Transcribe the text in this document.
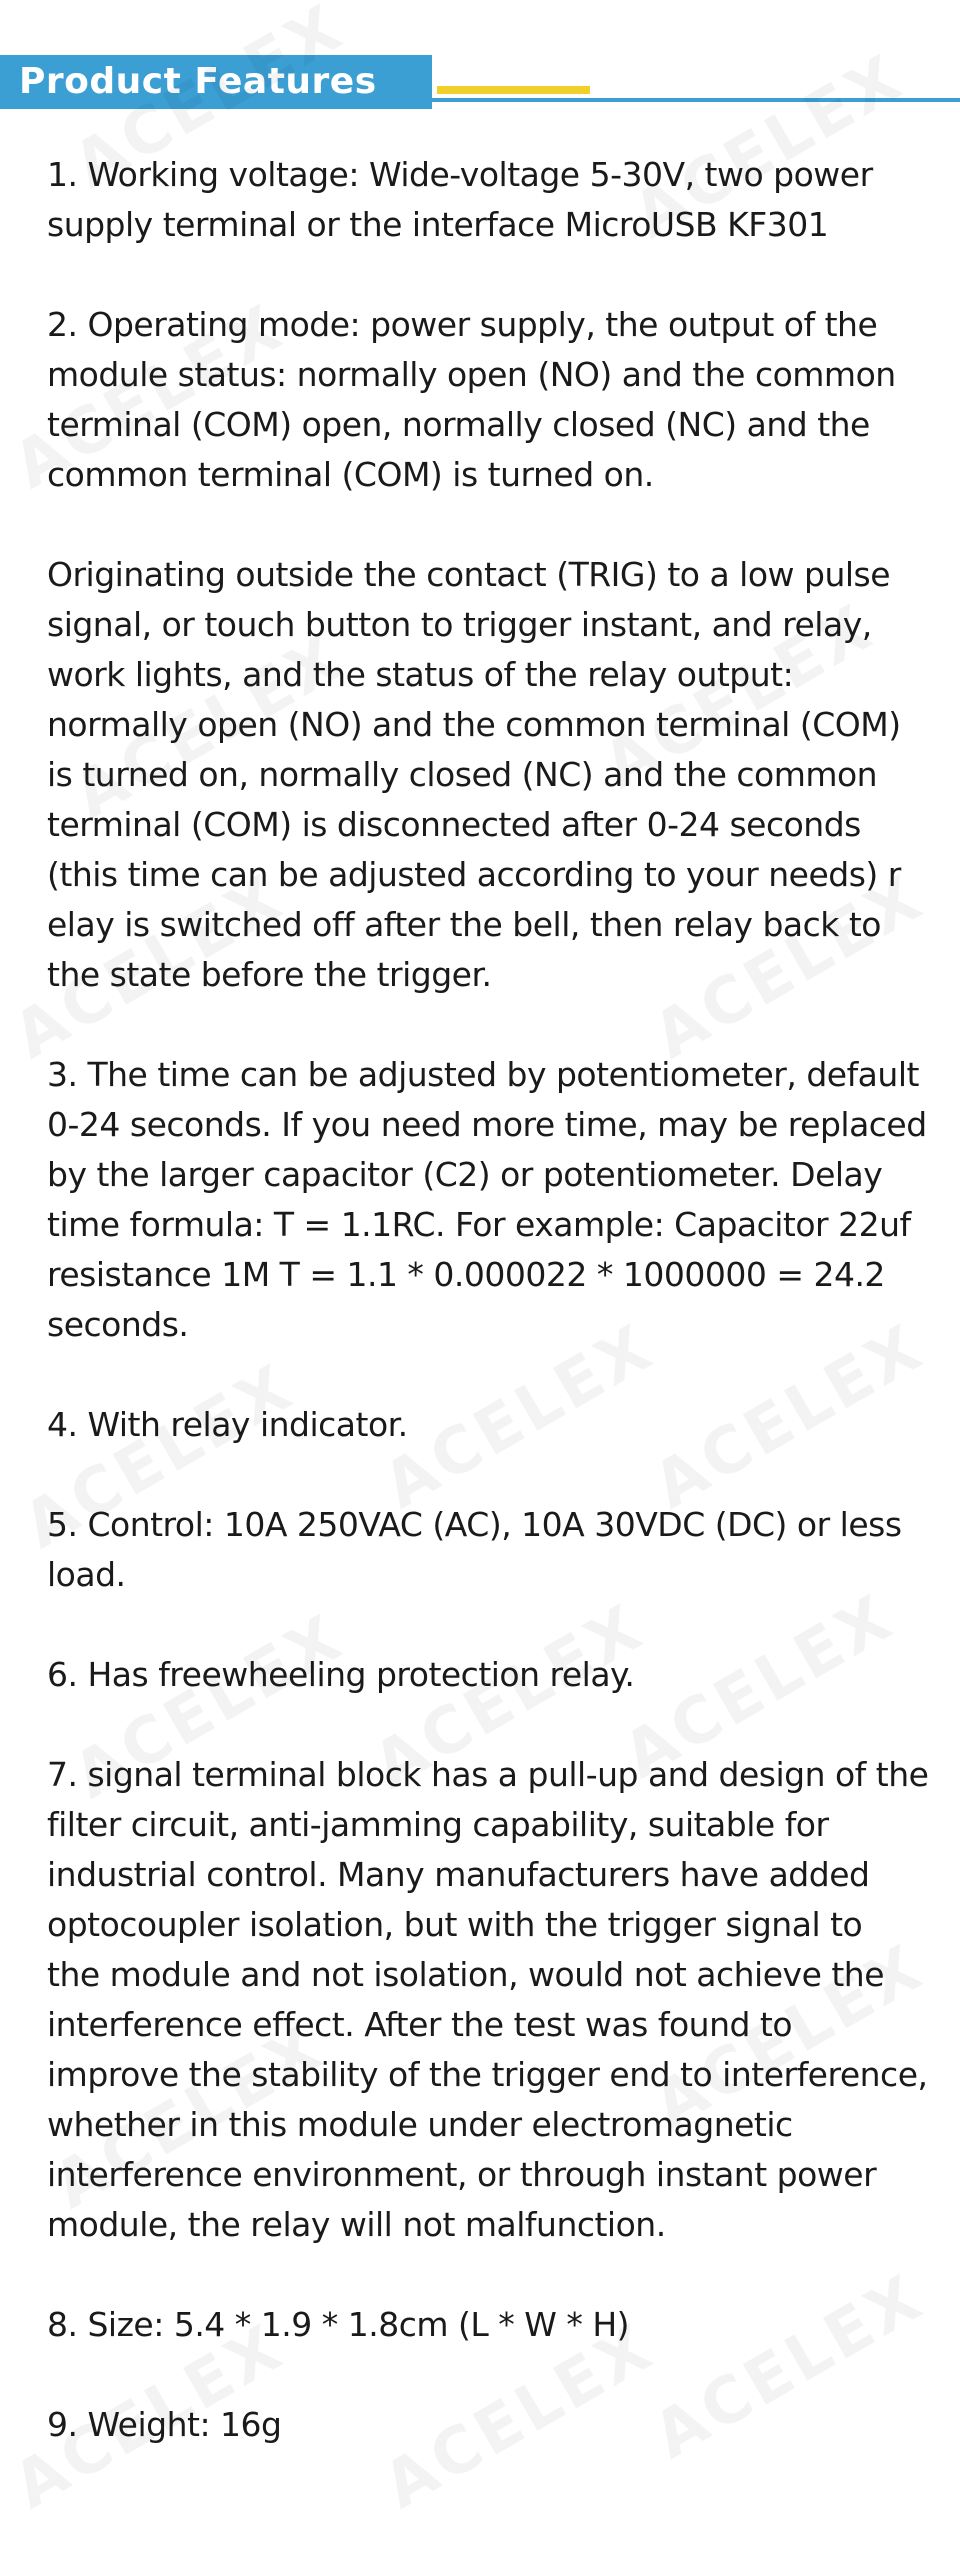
Product Features

1. Working voltage: Wide-voltage 5-30V, two power
supply terminal or the interface MicroUSB KF301

2. Operating mode: power supply, the output of the
module status: normally open (NO) and the common
terminal (COM) open, normally closed (NC) and the
common terminal (COM) is turned on.

Originating outside the contact (TRIG) to a low pulse
signal, or touch button to trigger instant, and relay,
work lights, and the status of the relay output:
normally open (NO) and the common terminal (COM)
is turned on, normally closed (NC) and the common
terminal (COM) is disconnected after 0-24 seconds
(this time can be adjusted according to your needs) r
elay is switched off after the bell, then relay back to
the state before the trigger.

3. The time can be adjusted by potentiometer, default
0-24 seconds. If you need more time, may be replaced
by the larger capacitor (C2) or potentiometer. Delay
time formula: T = 1.1RC. For example: Capacitor 22uf
resistance 1M T = 1.1 * 0.000022 * 1000000 = 24.2
seconds.

4. With relay indicator.

5. Control: 10A 250VAC (AC), 10A 30VDC (DC) or less
load.

6. Has freewheeling protection relay.

7. signal terminal block has a pull-up and design of the
filter circuit, anti-jamming capability, suitable for
industrial control. Many manufacturers have added
optocoupler isolation, but with the trigger signal to
the module and not isolation, would not achieve the
interference effect. After the test was found to
improve the stability of the trigger end to interference,
whether in this module under electromagnetic
interference environment, or through instant power
module, the relay will not malfunction.

8. Size: 5.4 * 1.9 * 1.8cm (L * W * H)

9. Weight: 16g
